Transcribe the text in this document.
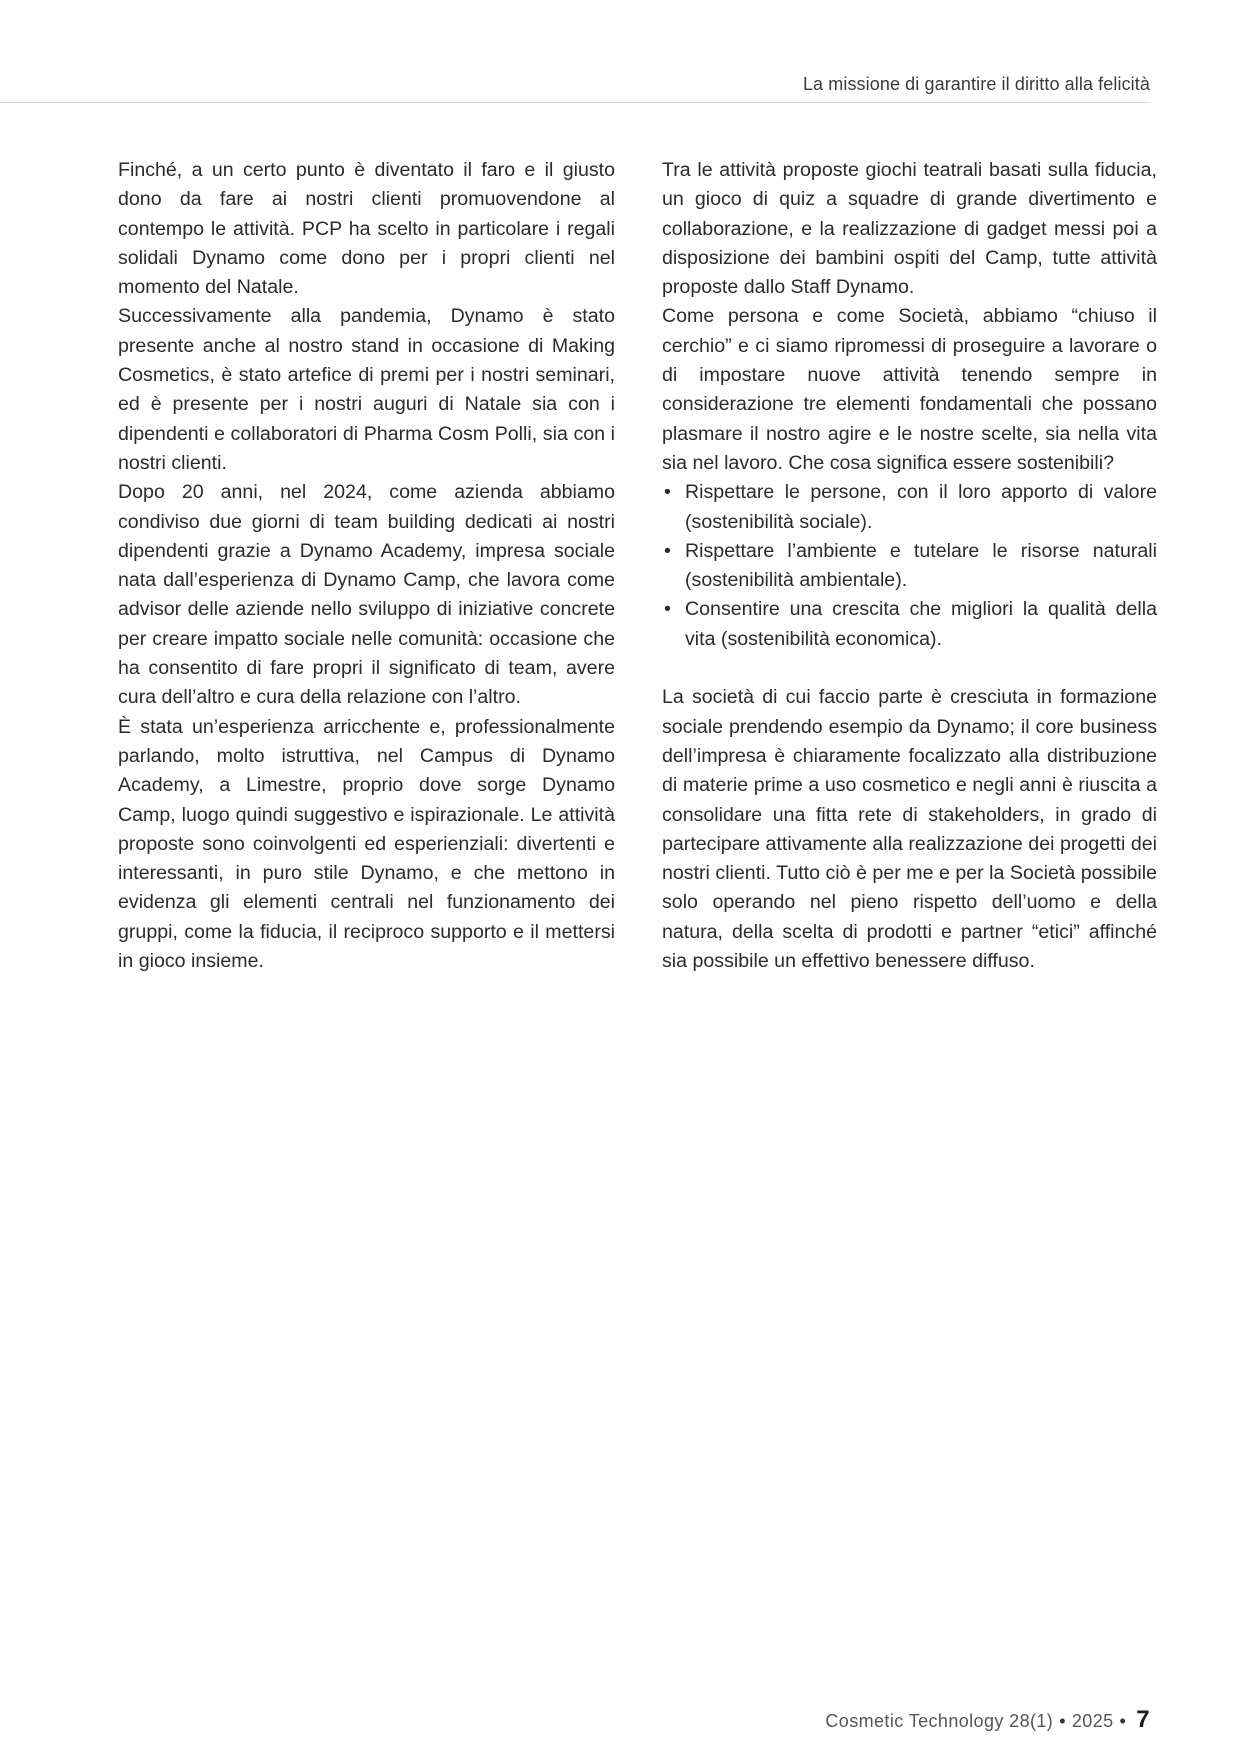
La missione di garantire il diritto alla felicità

Finché, a un certo punto è diventato il faro e il giusto dono da fare ai nostri clienti promuovendone al contempo le attività. PCP ha scelto in particolare i regali solidali Dynamo come dono per i propri clienti nel momento del Natale.

Successivamente alla pandemia, Dynamo è stato presente anche al nostro stand in occasione di Making Cosmetics, è stato artefice di premi per i nostri seminari, ed è presente per i nostri auguri di Natale sia con i dipendenti e collaboratori di Pharma Cosm Polli, sia con i nostri clienti.

Dopo 20 anni, nel 2024, come azienda abbiamo condiviso due giorni di team building dedicati ai nostri dipendenti grazie a Dynamo Academy, impresa sociale nata dall’esperienza di Dynamo Camp, che lavora come advisor delle aziende nello sviluppo di iniziative concrete per creare impatto sociale nelle comunità: occasione che ha consentito di fare propri il significato di team, avere cura dell’altro e cura della relazione con l’altro.

È stata un’esperienza arricchente e, professionalmente parlando, molto istruttiva, nel Campus di Dynamo Academy, a Limestre, proprio dove sorge Dynamo Camp, luogo quindi suggestivo e ispirazionale. Le attività proposte sono coinvolgenti ed esperienziali: divertenti e interessanti, in puro stile Dynamo, e che mettono in evidenza gli elementi centrali nel funzionamento dei gruppi, come la fiducia, il reciproco supporto e il mettersi in gioco insieme.

Tra le attività proposte giochi teatrali basati sulla fiducia, un gioco di quiz a squadre di grande divertimento e collaborazione, e la realizzazione di gadget messi poi a disposizione dei bambini ospiti del Camp, tutte attività proposte dallo Staff Dynamo.

Come persona e come Società, abbiamo “chiuso il cerchio” e ci siamo ripromessi di proseguire a lavorare o di impostare nuove attività tenendo sempre in considerazione tre elementi fondamentali che possano plasmare il nostro agire e le nostre scelte, sia nella vita sia nel lavoro. Che cosa significa essere sostenibili?

• Rispettare le persone, con il loro apporto di valore (sostenibilità sociale).
• Rispettare l’ambiente e tutelare le risorse naturali (sostenibilità ambientale).
• Consentire una crescita che migliori la qualità della vita (sostenibilità economica).

La società di cui faccio parte è cresciuta in formazione sociale prendendo esempio da Dynamo; il core business dell’impresa è chiaramente focalizzato alla distribuzione di materie prime a uso cosmetico e negli anni è riuscita a consolidare una fitta rete di stakeholders, in grado di partecipare attivamente alla realizzazione dei progetti dei nostri clienti. Tutto ciò è per me e per la Società possibile solo operando nel pieno rispetto dell’uomo e della natura, della scelta di prodotti e partner “etici” affinché sia possibile un effettivo benessere diffuso.

Cosmetic Technology 28(1) • 2025 • 7
